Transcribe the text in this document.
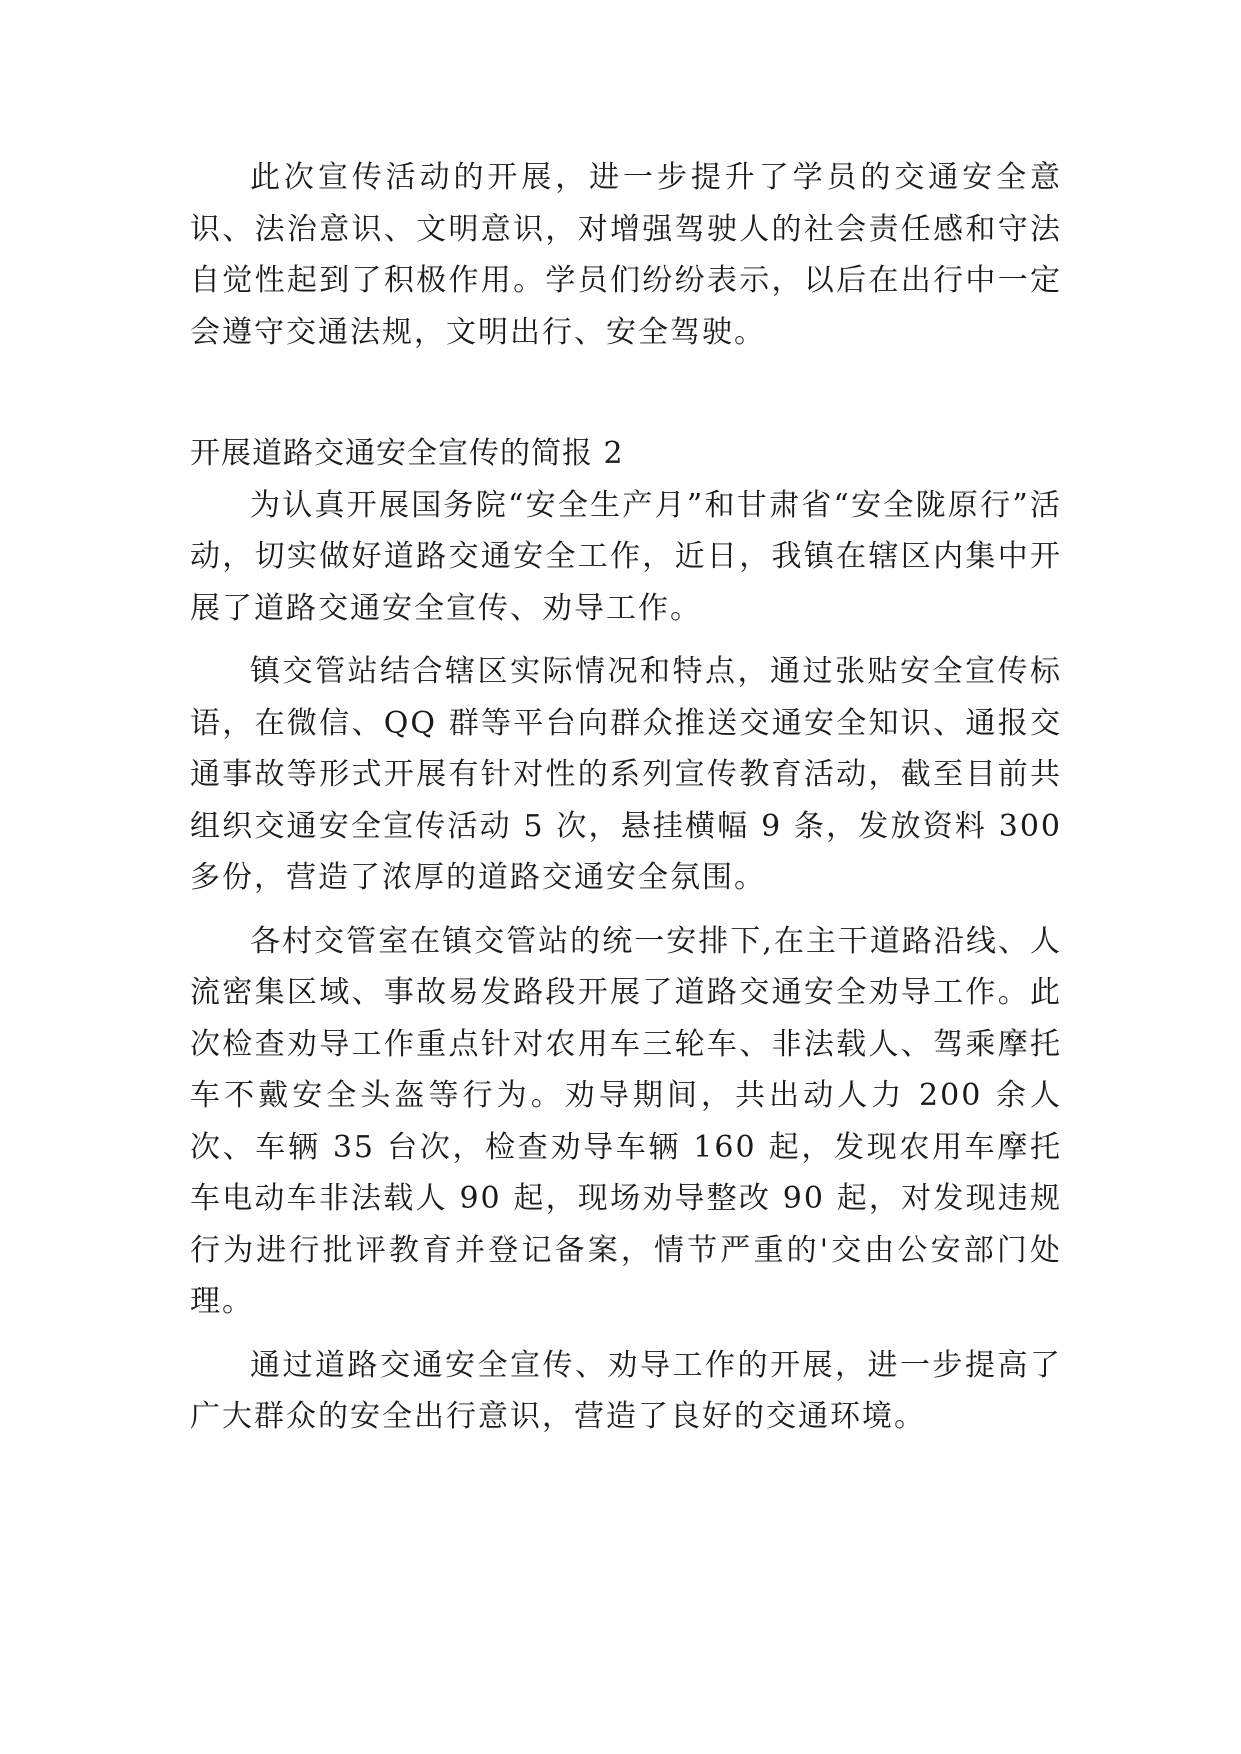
此次宣传活动的开展，进一步提升了学员的交通安全意识、法治意识、文明意识，对增强驾驶人的社会责任感和守法自觉性起到了积极作用。学员们纷纷表示，以后在出行中一定会遵守交通法规，文明出行、安全驾驶。

开展道路交通安全宣传的简报 2

为认真开展国务院“安全生产月”和甘肃省“安全陇原行”活动，切实做好道路交通安全工作，近日，我镇在辖区内集中开展了道路交通安全宣传、劝导工作。

镇交管站结合辖区实际情况和特点，通过张贴安全宣传标语，在微信、QQ 群等平台向群众推送交通安全知识、通报交通事故等形式开展有针对性的系列宣传教育活动，截至目前共组织交通安全宣传活动 5 次，悬挂横幅 9 条，发放资料 300 多份，营造了浓厚的道路交通安全氛围。

各村交管室在镇交管站的统一安排下,在主干道路沿线、人流密集区域、事故易发路段开展了道路交通安全劝导工作。此次检查劝导工作重点针对农用车三轮车、非法载人、驾乘摩托车不戴安全头盔等行为。劝导期间，共出动人力 200 余人次、车辆 35 台次，检查劝导车辆 160 起，发现农用车摩托车电动车非法载人 90 起，现场劝导整改 90 起，对发现违规行为进行批评教育并登记备案，情节严重的'交由公安部门处理。

通过道路交通安全宣传、劝导工作的开展，进一步提高了广大群众的安全出行意识，营造了良好的交通环境。
